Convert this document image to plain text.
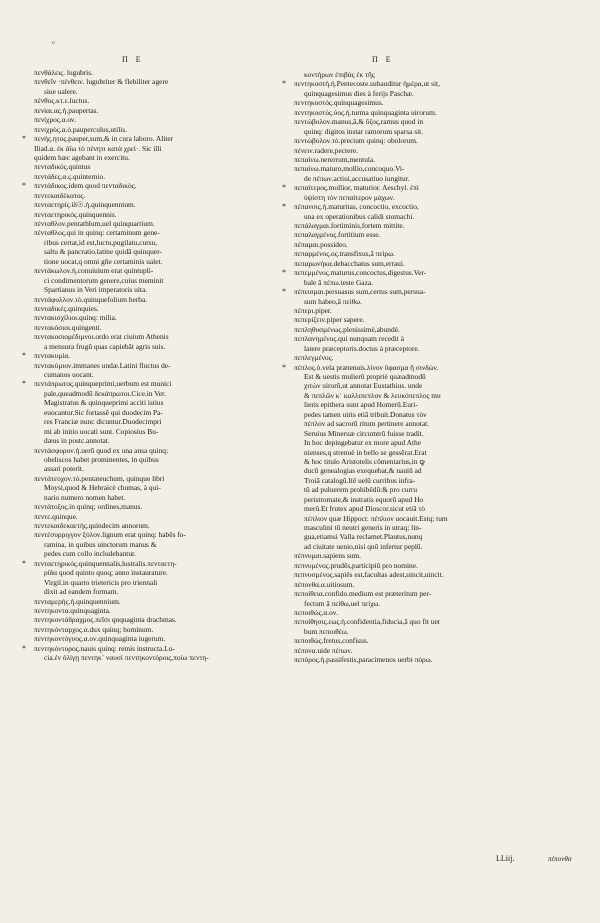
ᶜ
Π Ε	Π Ε
πενθάλεις. lugubris.
πενθεῖν ·πένθειν. lugubriter & flebiliter agere
siue ualere.
πένθος.κτ.ε.luctus.
πενίαι.ας.ἡ.paupertas.
πενίχρος.α.ον.
πενιχρὸς.α.ὁ.pauperculus,utilis.
* πενής.ητος.pauper,sum,& in cura laboro. Aliter
Iliad.α. ἐκ ἀΐω τὸ πένητι κατὰ χρεί·. Sic illi
quidem hæc agebant in exercitu.
πενταδικός.quintus
πεντάδες.α.ς.quinternio.
* πεντάδικος.idem quod πενταδικὸς.
πεντεκαιδέκατος.
πενταετηρίς.ίδ☉.ἡ.quinquennium.
πενταετηρικός.quinquennis.
πένταθλον.pentathlum,uel quinquartium.
πένταθλος.qui in quinq: certaminum gene-
ribus certat,id est,luctu,pugilatu,cursu,
saltu & pancratio.latine quidã quinquer-
tione uocat,q omni gñe certaminis ualet.
πεντάκωλον.ἡ.conuiuium erat quintupli-
ci condimentorum genere,cuius meminit
Spartianus in Veri imperatoris uita.
πεντάφυλλον.τὸ.quinquefolium herba.
πενταδικές.quinquies.
πεντακισχίλιοι.quinq: milia.
πεντακόσιοι.quingenti.
πεντακοσιομέδιμνοι.ordo erat ciuium Athenis
a mensura frugũ quas capiebãt agris suis.
* πεντακυμία.
πεντακύμιον.immanes undæ.Latini fluctus de-
cumanos uocant.
* πεντάπρωτος.quinqueprimi,uerbum est munici
pale,queadmodũ δεκάπρωτοι.Cice.in Ver.
Magistratus & quinqueprimi acciti istius
euocantur.Sic fortassẽ qui duodecim Pa-
res Franciæ nunc dicuntur.Duodecimpri
mi ab initio uocati sunt. Copiosius Bu-
dæus in postc.annotat.
πεντάσφυρον.ἡ.uerū quod ex una ansa quinq;
obeliscos habet prominentes, in quibus
assari poterit.
πεντάτευχον.τὸ.pentateuchum, quinque libri
Moysi,quod & Hebraicè chumas, à qui-
nario numero nomen habet.
πεντάτοξος.in quinq; ordines,manus.
πεντε.quinque.
πεντεκαιδεκαετής.quindecim annorum.
πεντέσυρριγγον ξύλον.lignum erat quinq: habẽs fo-
ramina, in quibus uinctorum manus &
pedes cum collo includebantur.
* πενταετηρικός.quinquennalis,lustralis.πενταετη-
ρίδα quod quinto quoq; anno instaurature.
Virgil.in quarto trietericis pro triennali
dixit ad eandem formam.
πενταμερής.ἡ.quinquennium.
πεντηκοντα.quinquaginta.
πεντηκοντάδραχμος.πεῖσι qnquaginta drachmas.
πεντηκόνταρχος.α.dux quinq; hominum.
πεντηκοντόγυος.α.ον.quinquaginta iugerum.
* πεντηκόντορος.nauis quinq: remis instructa.Lu-
cia.ἐν ὁλίγῃ πεντηκ᾽ ναυσὶ πεντηκοντόροις,ποίω πεντη-
κοντήρων ἐπιβὰς ἐκ τῆς
* πεντηκοστή.ἡ.Pentecoste.subauditur ἡμέρα,ut sit,
quinquagesimus dies à ferijs Paschæ.
πεντηκοστός.quinquagesimus.
πεντηκοστύς.ύος.ἡ.turma quinquaginta uirorum.
πεντώβολον.manus,ā,& ὄζος,ramus quod in
quinq: digitos instar ramorum sparsa sit.
πεντώβολον.τὸ.precium quinq: obolorum.
πένειν.radere,pectere.
πεπαίνω.nererrum,mentula.
πεπαίνω.maturo,mollio,concoquo.Vi-
de πέπων.actiui,accusatiuo iungitur.
* πεπαίτερος.mollior, maturior. Aeschyl. ἐπὶ
ὑψίστη τὸν πεπαίτερον μάχων.
* πέπανσις.ἡ.maturitas, concoctio, excoctio,
una ex operationibus calidi stomachi.
πεπάλαγμαι.fortiminis,fortem mittite.
πεπαλαγμένος.fortitium esse.
πέπαμαι.possideo.
πεπαρμένος.ος.transfixus,ā πείρω.
πεπαρωνήκα.debacchatus sum,erraui.
* πεπεμμένος.maturus,concoctus,digestus.Ver-
bale ā πέπω.teste Gaza.
* πέπεισμαι.persuasus sum,certus sum,persua-
sum habeo,ā πείθω.
πέπερι.piper.
πεπερίζειν.piper sapere.
πεπληθυσμένως.plenissimè,abundè.
πεπλανημένος.qui nunquam recedit à
latere præceptoris.doctus à præceptore.
πεπλεγμένος.
* πέπλος.ὁ.vela prætenuis.λίνον ὕφασμα ἢ σινδὼν.
Est & uestis mulierũ propriè quæadmodũ
χιτὼν uirorũ,ut annotat Eustathius. unde
& πεπλῶν κ᾽ καλλιπεπλον & λευκόπεπλος mu
lieris epithera sunt apud Homerũ.Euri-
pedes tamen uiris etiā tribuit.Donatus τὸν
πέπλον ad sacrorũ ritum pertinere annotat.
Seruius Mineruæ circumtrũ fuisse tradit.
In hoc depingebatur ex more apud Athe
nienses,q strenuè in bello se gessẽrat.Erat
& hoc titulo Aristotelis cõmentarius,in ꝙ
ducũ genealogias exequebat,& nauiũ ad
Troiā catalogũ.Itẽ uelũ curribus infra-
tũ ad puluerem prohibẽdũ:& pro curru
peristromate,& instratis equorũ apud Ho
merũ.Et frutex apud Dioscor.sicut etiā τὸ
πέπλιον quæ Hippocr. πέπλιον uocauit.Estq; tum
masculini tũ neutri generis in utraq; lin-
gua,etiamsi Valla reclamet.Plautus,nunq
ad ciuitate uenio,nisi quũ infertur peplũ.
πέπνυμαι.sapiens sum.
πεπνυμένος.prudẽs,participiũ pro nomine.
πεπνυσμένος.sapiẽs est,facultas adest,uincit,uincit.
πέπονθα.α.uitiosum.
πεποίθεια.confido.medium est præteritum per-
fectum ā πείθω,uel πείχω.
πεποιθώς.α.ον.
πεποίθησις.εως.ἡ.confidentia,fiducia,ā quo fit uer
bum πεποιθέω.
πεποιθὼς.fretus,confisus.
πέπονα.uide πέπων.
πεπόρος.ἡ.passifestis,paracimenos uerbi πόρω.
LLiij.	πέπονθα
